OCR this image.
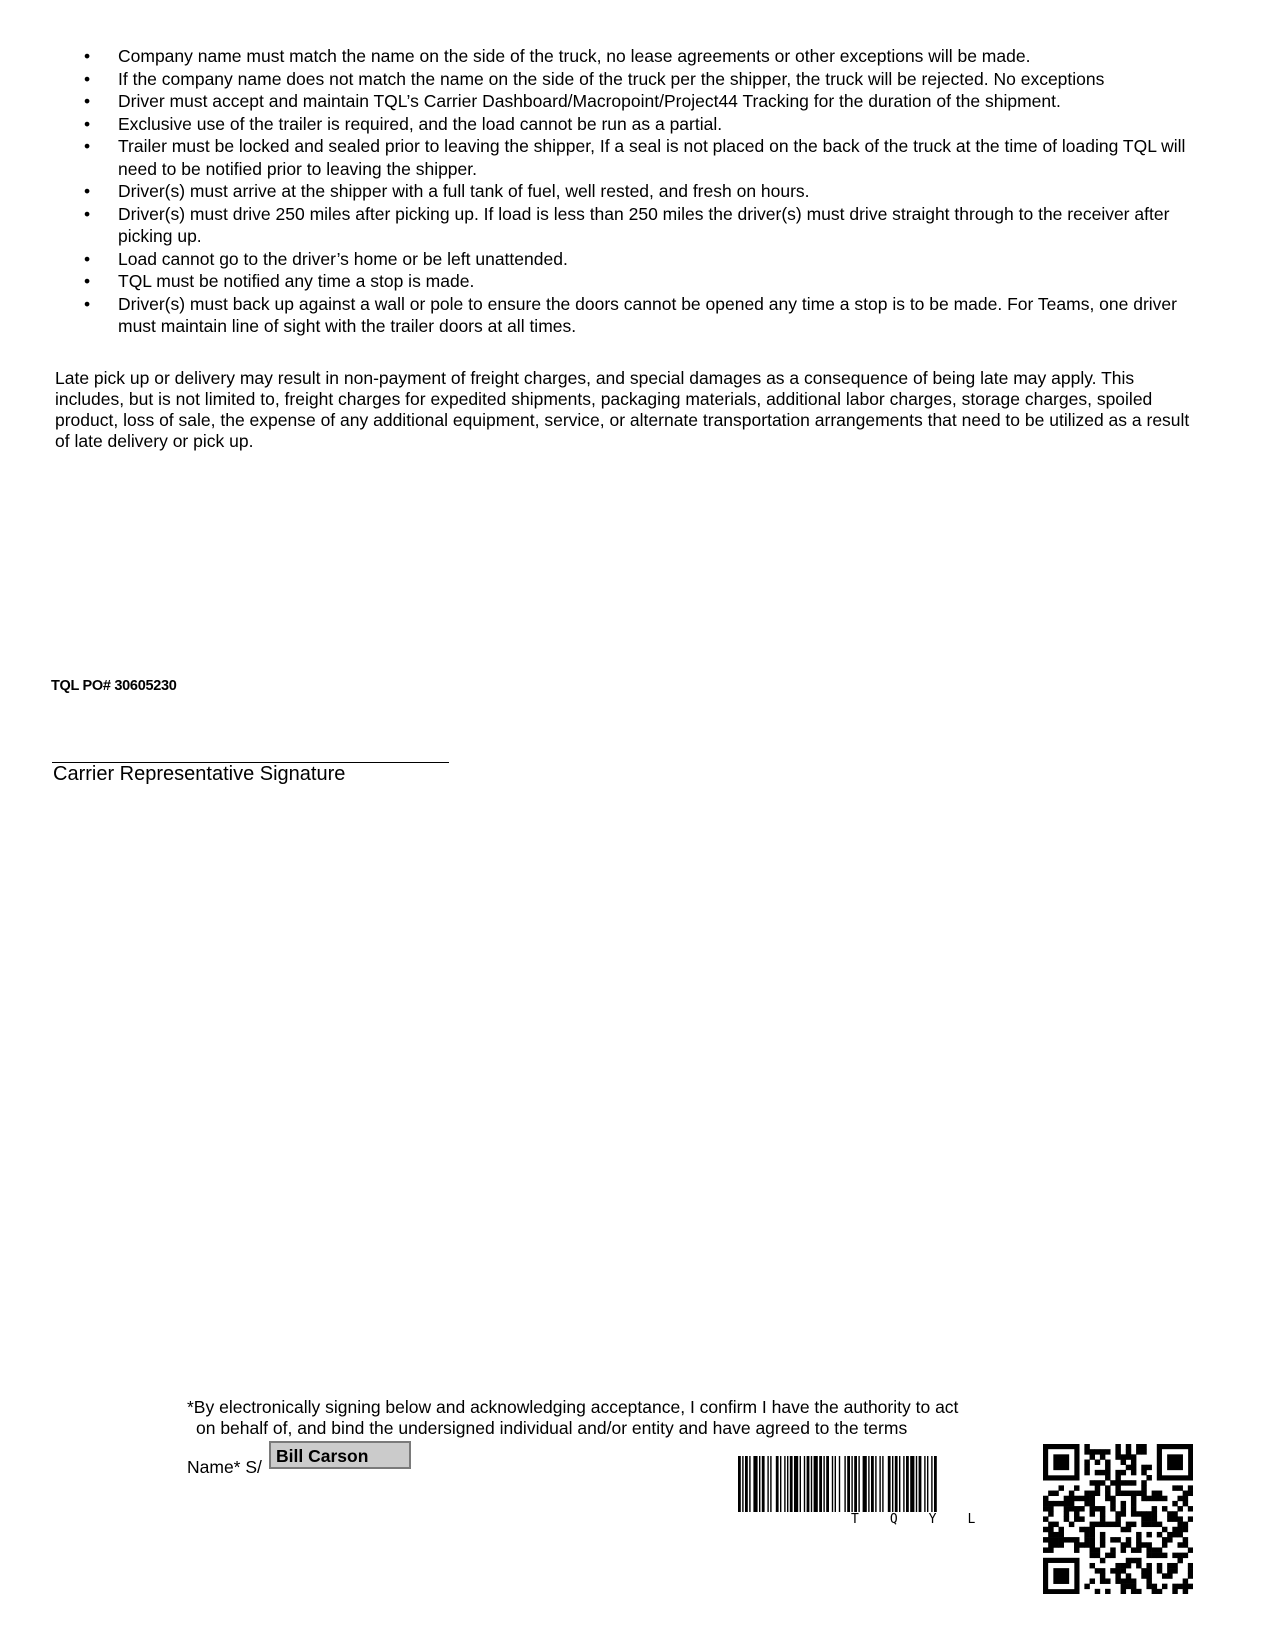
• Company name must match the name on the side of the truck, no lease agreements or other exceptions will be made.
• If the company name does not match the name on the side of the truck per the shipper, the truck will be rejected. No exceptions
• Driver must accept and maintain TQL’s Carrier Dashboard/Macropoint/Project44 Tracking for the duration of the shipment.
• Exclusive use of the trailer is required, and the load cannot be run as a partial.
• Trailer must be locked and sealed prior to leaving the shipper, If a seal is not placed on the back of the truck at the time of loading TQL will need to be notified prior to leaving the shipper.
• Driver(s) must arrive at the shipper with a full tank of fuel, well rested, and fresh on hours.
• Driver(s) must drive 250 miles after picking up. If load is less than 250 miles the driver(s) must drive straight through to the receiver after picking up.
• Load cannot go to the driver’s home or be left unattended.
• TQL must be notified any time a stop is made.
• Driver(s) must back up against a wall or pole to ensure the doors cannot be opened any time a stop is to be made. For Teams, one driver must maintain line of sight with the trailer doors at all times.

Late pick up or delivery may result in non-payment of freight charges, and special damages as a consequence of being late may apply. This includes, but is not limited to, freight charges for expedited shipments, packaging materials, additional labor charges, storage charges, spoiled product, loss of sale, the expense of any additional equipment, service, or alternate transportation arrangements that need to be utilized as a result of late delivery or pick up.

TQL PO# 30605230
Carrier Representative Signature

*By electronically signing below and acknowledging acceptance, I confirm I have the authority to act
on behalf of, and bind the undersigned individual and/or entity and have agreed to the terms

Name* S/
Bill Carson
TQYL
